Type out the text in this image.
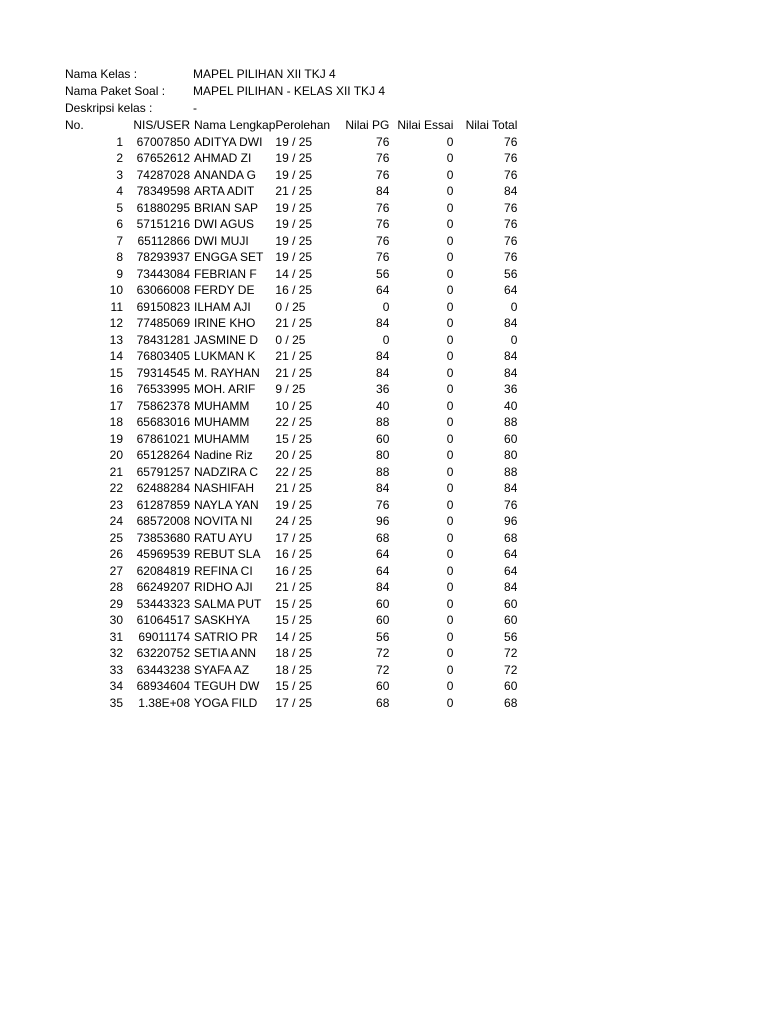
Nama Kelas :	MAPEL PILIHAN XII TKJ 4
Nama Paket Soal : MAPEL PILIHAN - KELAS XII TKJ 4
Deskripsi kelas :	-
No.	NIS/USER	Nama Lengkap	Perolehan	Nilai PG	Nilai Essai	Nilai Total
1	67007850	ADITYA DWI	19 / 25	76	0	76
2	67652612	AHMAD ZI	19 / 25	76	0	76
3	74287028	ANANDA G	19 / 25	76	0	76
4	78349598	ARTA ADIT	21 / 25	84	0	84
5	61880295	BRIAN SAP	19 / 25	76	0	76
6	57151216	DWI AGUS	19 / 25	76	0	76
7	65112866	DWI MUJI	19 / 25	76	0	76
8	78293937	ENGGA SET	19 / 25	76	0	76
9	73443084	FEBRIAN F	14 / 25	56	0	56
10	63066008	FERDY DE	16 / 25	64	0	64
11	69150823	ILHAM AJI	0 / 25	0	0	0
12	77485069	IRINE KHO	21 / 25	84	0	84
13	78431281	JASMINE D	0 / 25	0	0	0
14	76803405	LUKMAN K	21 / 25	84	0	84
15	79314545	M. RAYHAN	21 / 25	84	0	84
16	76533995	MOH. ARIF	9 / 25	36	0	36
17	75862378	MUHAMM	10 / 25	40	0	40
18	65683016	MUHAMM	22 / 25	88	0	88
19	67861021	MUHAMM	15 / 25	60	0	60
20	65128264	Nadine Riz	20 / 25	80	0	80
21	65791257	NADZIRA C	22 / 25	88	0	88
22	62488284	NASHIFAH	21 / 25	84	0	84
23	61287859	NAYLA YAN	19 / 25	76	0	76
24	68572008	NOVITA NI	24 / 25	96	0	96
25	73853680	RATU AYU	17 / 25	68	0	68
26	45969539	REBUT SLA	16 / 25	64	0	64
27	62084819	REFINA CI	16 / 25	64	0	64
28	66249207	RIDHO AJI	21 / 25	84	0	84
29	53443323	SALMA PUT	15 / 25	60	0	60
30	61064517	SASKHYA	15 / 25	60	0	60
31	69011174	SATRIO PR	14 / 25	56	0	56
32	63220752	SETIA ANN	18 / 25	72	0	72
33	63443238	SYAFA AZ	18 / 25	72	0	72
34	68934604	TEGUH DW	15 / 25	60	0	60
35	1.38E+08	YOGA FILD	17 / 25	68	0	68
